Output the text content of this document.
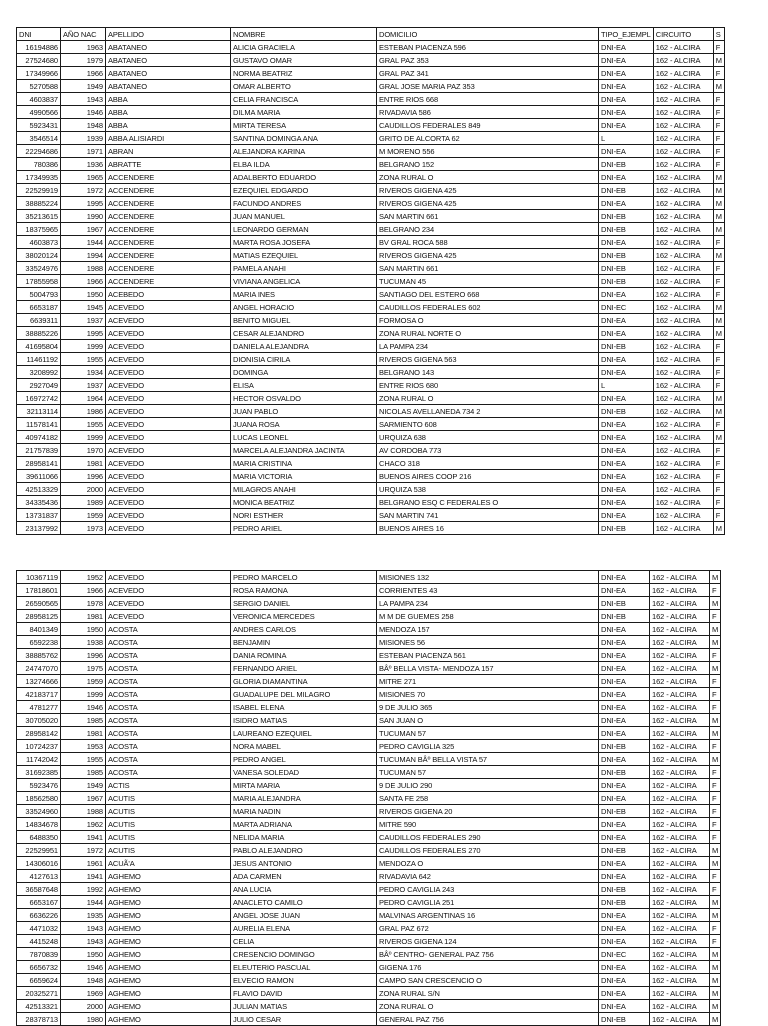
DNI	AÑO NAC	APELLIDO	NOMBRE	DOMICILIO	TIPO_EJEMPL	CIRCUITO	S
16194886	1963	ABATANEO	ALICIA GRACIELA	ESTEBAN PIACENZA 596	DNI-EA	162 - ALCIRA	F
27524680	1979	ABATANEO	GUSTAVO OMAR	GRAL PAZ 353	DNI-EA	162 - ALCIRA	M
17349966	1966	ABATANEO	NORMA BEATRIZ	GRAL PAZ 341	DNI-EA	162 - ALCIRA	F
5270588	1949	ABATANEO	OMAR ALBERTO	GRAL JOSE MARIA PAZ 353	DNI-EA	162 - ALCIRA	M
4603837	1943	ABBA	CELIA FRANCISCA	ENTRE RIOS 668	DNI-EA	162 - ALCIRA	F
4990566	1946	ABBA	DILMA MARIA	RIVADAVIA 586	DNI-EA	162 - ALCIRA	F
5923431	1948	ABBA	MIRTA TERESA	CAUDILLOS FEDERALES 849	DNI-EA	162 - ALCIRA	F
3546514	1939	ABBA ALISIARDI	SANTINA DOMINGA ANA	GRITO DE ALCORTA 62	L	162 - ALCIRA	F
22294686	1971	ABRAN	ALEJANDRA KARINA	M MORENO 556	DNI-EA	162 - ALCIRA	F
780386	1936	ABRATTE	ELBA ILDA	BELGRANO 152	DNI-EB	162 - ALCIRA	F
17349935	1965	ACCENDERE	ADALBERTO EDUARDO	ZONA RURAL O	DNI-EA	162 - ALCIRA	M
22529919	1972	ACCENDERE	EZEQUIEL EDGARDO	RIVEROS GIGENA 425	DNI-EB	162 - ALCIRA	M
38885224	1995	ACCENDERE	FACUNDO ANDRES	RIVEROS GIGENA 425	DNI-EA	162 - ALCIRA	M
35213615	1990	ACCENDERE	JUAN MANUEL	SAN MARTIN 661	DNI-EB	162 - ALCIRA	M
18375965	1967	ACCENDERE	LEONARDO GERMAN	BELGRANO 234	DNI-EB	162 - ALCIRA	M
4603873	1944	ACCENDERE	MARTA ROSA JOSEFA	BV GRAL ROCA 588	DNI-EA	162 - ALCIRA	F
38020124	1994	ACCENDERE	MATIAS EZEQUIEL	RIVEROS GIGENA 425	DNI-EB	162 - ALCIRA	M
33524976	1988	ACCENDERE	PAMELA ANAHI	SAN MARTIN 661	DNI-EB	162 - ALCIRA	F
17855958	1966	ACCENDERE	VIVIANA ANGELICA	TUCUMAN 45	DNI-EB	162 - ALCIRA	F
5004793	1950	ACEBEDO	MARIA INES	SANTIAGO DEL ESTERO 668	DNI-EA	162 - ALCIRA	F
6653187	1945	ACEVEDO	ANGEL HORACIO	CAUDILLOS FEDERALES 602	DNI-EC	162 - ALCIRA	M
6639311	1937	ACEVEDO	BENITO MIGUEL	FORMOSA O	DNI-EA	162 - ALCIRA	M
38885226	1995	ACEVEDO	CESAR ALEJANDRO	ZONA RURAL NORTE O	DNI-EA	162 - ALCIRA	M
41695804	1999	ACEVEDO	DANIELA ALEJANDRA	LA PAMPA 234	DNI-EB	162 - ALCIRA	F
11461192	1955	ACEVEDO	DIONISIA CIRILA	RIVEROS GIGENA 563	DNI-EA	162 - ALCIRA	F
3208992	1934	ACEVEDO	DOMINGA	BELGRANO 143	DNI-EA	162 - ALCIRA	F
2927049	1937	ACEVEDO	ELISA	ENTRE RIOS 680	L	162 - ALCIRA	F
16972742	1964	ACEVEDO	HECTOR OSVALDO	ZONA RURAL O	DNI-EA	162 - ALCIRA	M
32113114	1986	ACEVEDO	JUAN PABLO	NICOLAS AVELLANEDA 734 2	DNI-EB	162 - ALCIRA	M
11578141	1955	ACEVEDO	JUANA ROSA	SARMIENTO 608	DNI-EA	162 - ALCIRA	F
40974182	1999	ACEVEDO	LUCAS LEONEL	URQUIZA 638	DNI-EA	162 - ALCIRA	M
21757839	1970	ACEVEDO	MARCELA ALEJANDRA JACINTA	AV CORDOBA 773	DNI-EA	162 - ALCIRA	F
28958141	1981	ACEVEDO	MARIA CRISTINA	CHACO 318	DNI-EA	162 - ALCIRA	F
39611066	1996	ACEVEDO	MARIA VICTORIA	BUENOS AIRES COOP 216	DNI-EA	162 - ALCIRA	F
42513329	2000	ACEVEDO	MILAGROS ANAHI	URQUIZA 538	DNI-EA	162 - ALCIRA	F
34335436	1989	ACEVEDO	MONICA BEATRIZ	BELGRANO ESQ C FEDERALES O	DNI-EA	162 - ALCIRA	F
13731837	1959	ACEVEDO	NORI ESTHER	SAN MARTIN 741	DNI-EA	162 - ALCIRA	F
23137992	1973	ACEVEDO	PEDRO ARIEL	BUENOS AIRES 16	DNI-EB	162 - ALCIRA	M
10367119	1952	ACEVEDO	PEDRO MARCELO	MISIONES 132	DNI-EA	162 - ALCIRA	M
17818601	1966	ACEVEDO	ROSA RAMONA	CORRIENTES 43	DNI-EA	162 - ALCIRA	F
26590565	1978	ACEVEDO	SERGIO DANIEL	LA PAMPA 234	DNI-EB	162 - ALCIRA	M
28958125	1981	ACEVEDO	VERONICA MERCEDES	M M DE GUEMES 258	DNI-EB	162 - ALCIRA	F
8401349	1950	ACOSTA	ANDRES CARLOS	MENDOZA 157	DNI-EA	162 - ALCIRA	M
6592238	1938	ACOSTA	BENJAMIN	MISIONES 56	DNI-EA	162 - ALCIRA	M
38885762	1996	ACOSTA	DANIA ROMINA	ESTEBAN PIACENZA 561	DNI-EA	162 - ALCIRA	F
24747070	1975	ACOSTA	FERNANDO ARIEL	BÂº BELLA VISTA- MENDOZA 157	DNI-EA	162 - ALCIRA	M
13274666	1959	ACOSTA	GLORIA DIAMANTINA	MITRE 271	DNI-EA	162 - ALCIRA	F
42183717	1999	ACOSTA	GUADALUPE DEL MILAGRO	MISIONES 70	DNI-EA	162 - ALCIRA	F
4781277	1946	ACOSTA	ISABEL ELENA	9 DE JULIO 365	DNI-EA	162 - ALCIRA	F
30705020	1985	ACOSTA	ISIDRO MATIAS	SAN JUAN O	DNI-EA	162 - ALCIRA	M
28958142	1981	ACOSTA	LAUREANO EZEQUIEL	TUCUMAN 57	DNI-EA	162 - ALCIRA	M
10724237	1953	ACOSTA	NORA MABEL	PEDRO CAVIGLIA 325	DNI-EB	162 - ALCIRA	F
11742042	1955	ACOSTA	PEDRO ANGEL	TUCUMAN BÂº BELLA VISTA 57	DNI-EA	162 - ALCIRA	M
31692385	1985	ACOSTA	VANESA SOLEDAD	TUCUMAN 57	DNI-EB	162 - ALCIRA	F
5923476	1949	ACTIS	MIRTA MARIA	9 DE JULIO 290	DNI-EA	162 - ALCIRA	F
18562580	1967	ACUTIS	MARIA ALEJANDRA	SANTA FE 258	DNI-EA	162 - ALCIRA	F
33524960	1988	ACUTIS	MARIA NADIN	RIVEROS GIGENA 20	DNI-EB	162 - ALCIRA	F
14834678	1962	ACUTIS	MARTA ADRIANA	MITRE 590	DNI-EA	162 - ALCIRA	F
6488350	1941	ACUTIS	NELIDA MARIA	CAUDILLOS FEDERALES 290	DNI-EA	162 - ALCIRA	F
22529951	1972	ACUTIS	PABLO ALEJANDRO	CAUDILLOS FEDERALES 270	DNI-EB	162 - ALCIRA	M
14306016	1961	ACUÃ'A	JESUS ANTONIO	MENDOZA O	DNI-EA	162 - ALCIRA	M
4127613	1941	AGHEMO	ADA CARMEN	RIVADAVIA 642	DNI-EA	162 - ALCIRA	F
36587648	1992	AGHEMO	ANA LUCIA	PEDRO CAVIGLIA 243	DNI-EB	162 - ALCIRA	F
6653167	1944	AGHEMO	ANACLETO CAMILO	PEDRO CAVIGLIA 251	DNI-EB	162 - ALCIRA	M
6636226	1935	AGHEMO	ANGEL JOSE JUAN	MALVINAS ARGENTINAS 16	DNI-EA	162 - ALCIRA	M
4471032	1943	AGHEMO	AURELIA ELENA	GRAL PAZ 672	DNI-EA	162 - ALCIRA	F
4415248	1943	AGHEMO	CELIA	RIVEROS GIGENA 124	DNI-EA	162 - ALCIRA	F
7870839	1950	AGHEMO	CRESENCIO DOMINGO	BÂº CENTRO- GENERAL PAZ 756	DNI-EC	162 - ALCIRA	M
6656732	1946	AGHEMO	ELEUTERIO PASCUAL	GIGENA 176	DNI-EA	162 - ALCIRA	M
6659624	1948	AGHEMO	ELVECIO RAMON	CAMPO SAN CRESCENCIO O	DNI-EA	162 - ALCIRA	M
20325271	1969	AGHEMO	FLAVIO DAVID	ZONA RURAL S/N	DNI-EA	162 - ALCIRA	M
42513321	2000	AGHEMO	JULIAN MATIAS	ZONA RURAL O	DNI-EA	162 - ALCIRA	M
28378713	1980	AGHEMO	JULIO CESAR	GENERAL PAZ 756	DNI-EB	162 - ALCIRA	M
